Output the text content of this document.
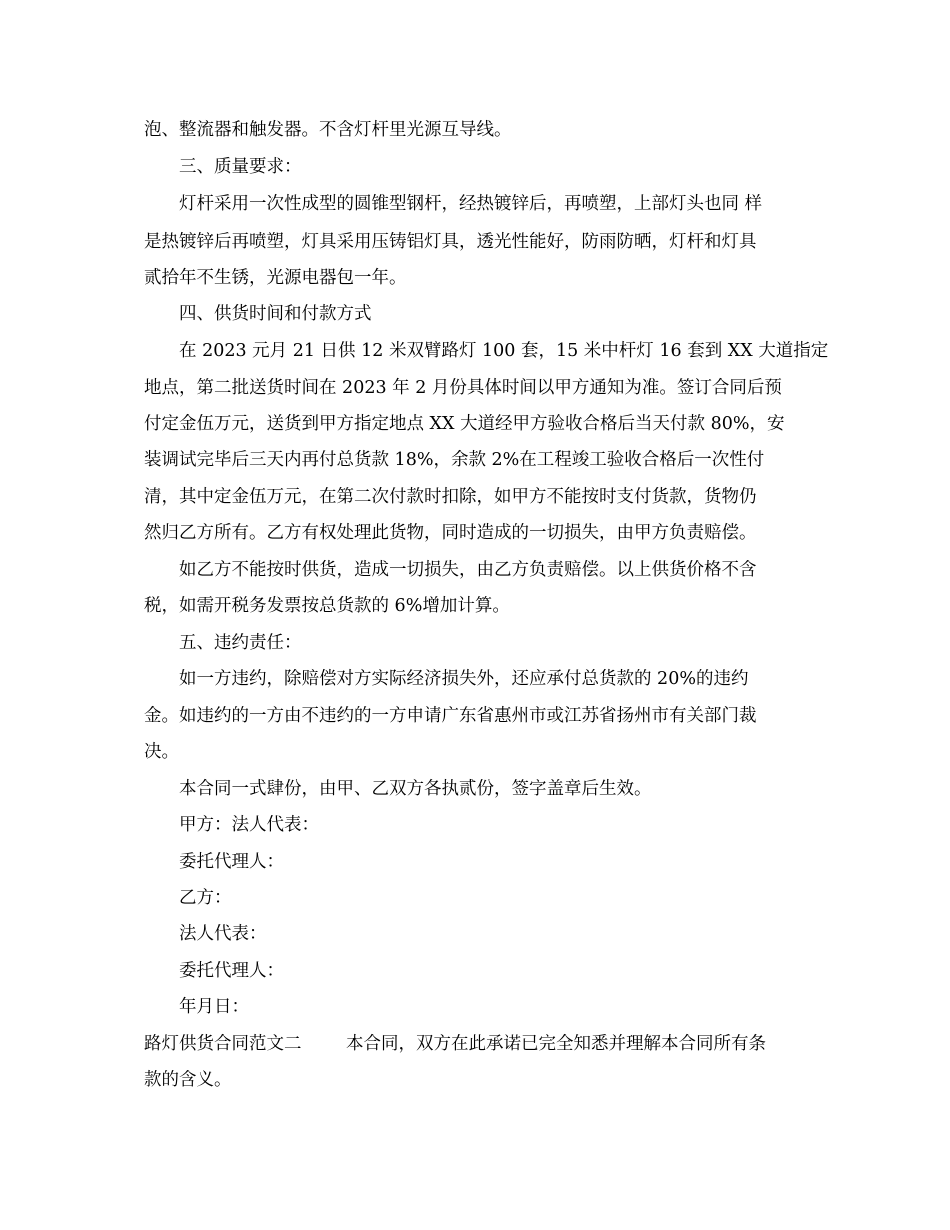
泡、整流器和触发器。不含灯杆里光源互导线。
三、质量要求：
灯杆采用一次性成型的圆锥型钢杆，经热镀锌后，再喷塑，上部灯头也同 样
是热镀锌后再喷塑，灯具采用压铸铝灯具，透光性能好，防雨防晒，灯杆和灯具
贰拾年不生锈，光源电器包一年。
四、供货时间和付款方式
在 2023 元月 21 日供 12 米双臂路灯 100 套，15 米中杆灯 16 套到 XX 大道指定
地点，第二批送货时间在 2023 年 2 月份具体时间以甲方通知为准。签订合同后预
付定金伍万元，送货到甲方指定地点 XX 大道经甲方验收合格后当天付款 80%，安
装调试完毕后三天内再付总货款 18%，余款 2%在工程竣工验收合格后一次性付
清，其中定金伍万元，在第二次付款时扣除，如甲方不能按时支付货款，货物仍
然归乙方所有。乙方有权处理此货物，同时造成的一切损失，由甲方负责赔偿。
如乙方不能按时供货，造成一切损失，由乙方负责赔偿。以上供货价格不含
税，如需开税务发票按总货款的 6%增加计算。
五、违约责任：
如一方违约，除赔偿对方实际经济损失外，还应承付总货款的 20%的违约
金。如违约的一方由不违约的一方申请广东省惠州市或江苏省扬州市有关部门裁
决。
本合同一式肆份，由甲、乙双方各执贰份，签字盖章后生效。
甲方：法人代表：
委托代理人：
乙方：
法人代表：
委托代理人：
年月日：
路灯供货合同范文二	本合同，双方在此承诺已完全知悉并理解本合同所有条
款的含义。
